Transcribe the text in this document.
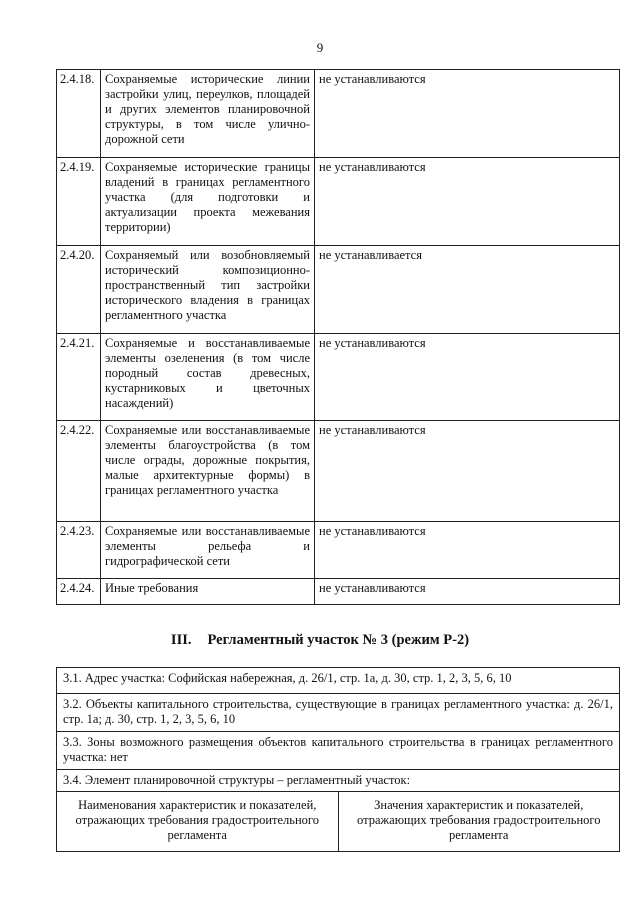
9
2.4.18.	Сохраняемые исторические линии застройки улиц, переулков, площадей и других элементов планировочной структуры, в том числе улично-дорожной сети	не устанавливаются
2.4.19.	Сохраняемые исторические границы владений в границах регламентного участка (для подготовки и актуализации проекта межевания территории)	не устанавливаются
2.4.20.	Сохраняемый или возобновляемый исторический композиционно-пространственный тип застройки исторического владения в границах регламентного участка	не устанавливается
2.4.21.	Сохраняемые и восстанавливаемые элементы озеленения (в том числе породный состав древесных, кустарниковых и цветочных насаждений)	не устанавливаются
2.4.22.	Сохраняемые или восстанавливаемые элементы благоустройства (в том числе ограды, дорожные покрытия, малые архитектурные формы) в границах регламентного участка	не устанавливаются
2.4.23.	Сохраняемые или восстанавливаемые элементы рельефа и гидрографической сети	не устанавливаются
2.4.24.	Иные требования	не устанавливаются
III. Регламентный участок № 3 (режим Р-2)
3.1. Адрес участка: Софийская набережная, д. 26/1, стр. 1а, д. 30, стр. 1, 2, 3, 5, 6, 10
3.2. Объекты капитального строительства, существующие в границах регламентного участка: д. 26/1, стр. 1а; д. 30, стр. 1, 2, 3, 5, 6, 10
3.3. Зоны возможного размещения объектов капитального строительства в границах регламентного участка: нет
3.4. Элемент планировочной структуры – регламентный участок:
Наименования характеристик и показателей, отражающих требования градостроительного регламента	Значения характеристик и показателей, отражающих требования градостроительного регламента
